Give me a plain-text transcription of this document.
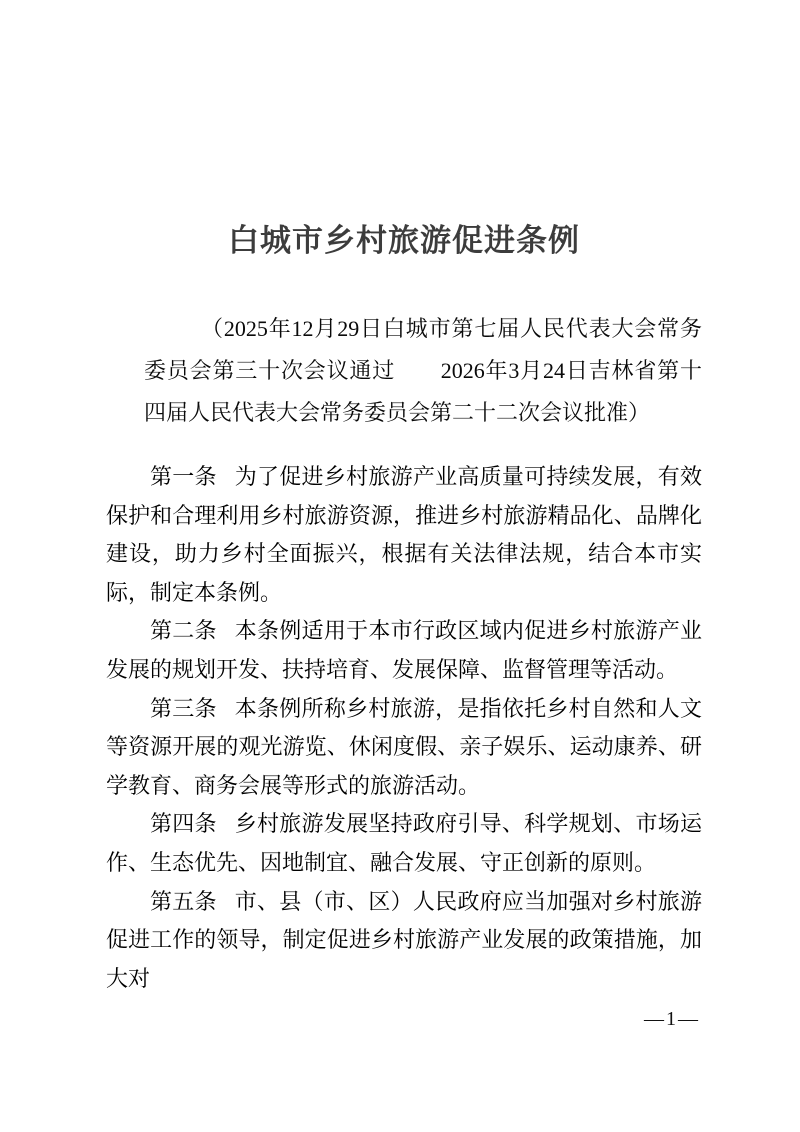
白城市乡村旅游促进条例

（2025年12月29日白城市第七届人民代表大会常务委员会第三十次会议通过　　2026年3月24日吉林省第十四届人民代表大会常务委员会第二十二次会议批准）

第一条 为了促进乡村旅游产业高质量可持续发展，有效保护和合理利用乡村旅游资源，推进乡村旅游精品化、品牌化建设，助力乡村全面振兴，根据有关法律法规，结合本市实际，制定本条例。

第二条 本条例适用于本市行政区域内促进乡村旅游产业发展的规划开发、扶持培育、发展保障、监督管理等活动。

第三条 本条例所称乡村旅游，是指依托乡村自然和人文等资源开展的观光游览、休闲度假、亲子娱乐、运动康养、研学教育、商务会展等形式的旅游活动。

第四条 乡村旅游发展坚持政府引导、科学规划、市场运作、生态优先、因地制宜、融合发展、守正创新的原则。

第五条 市、县（市、区）人民政府应当加强对乡村旅游促进工作的领导，制定促进乡村旅游产业发展的政策措施，加大对

—1—
